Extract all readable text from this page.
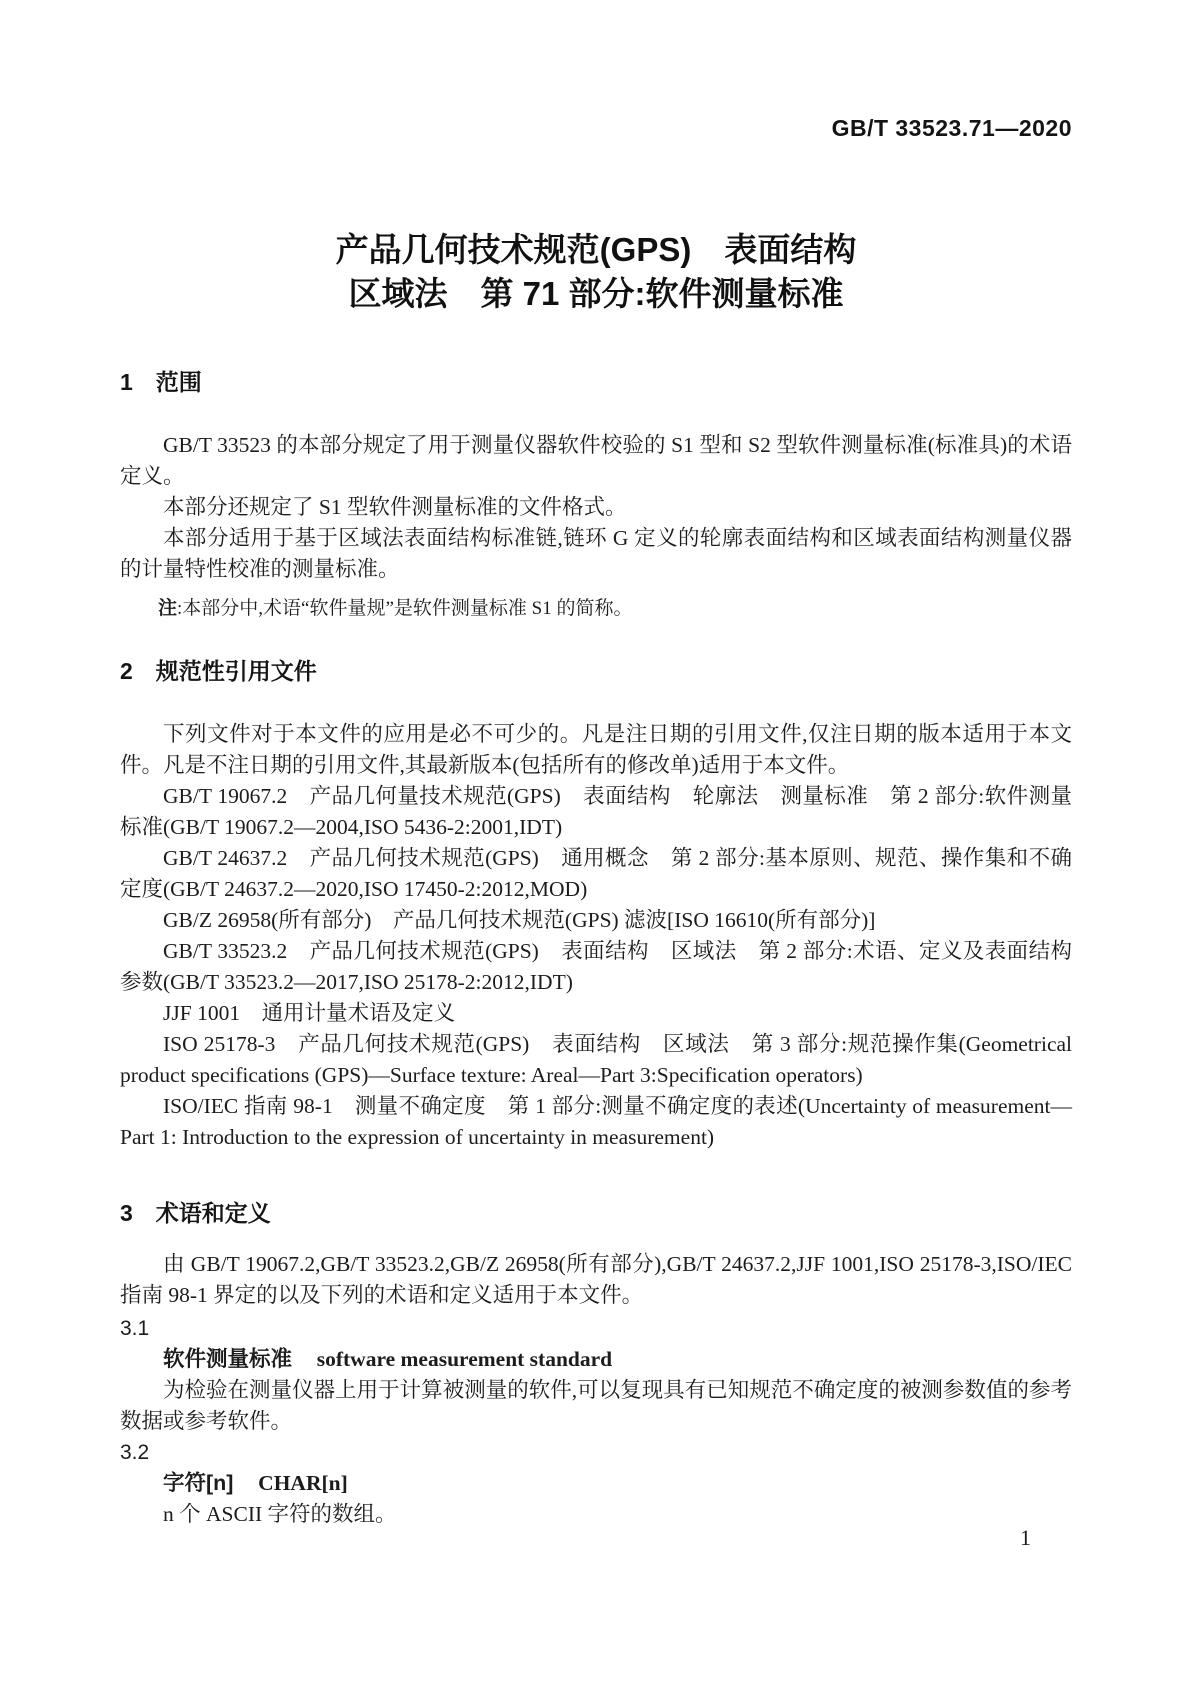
GB/T 33523.71—2020
产品几何技术规范(GPS)　表面结构
区域法　第 71 部分:软件测量标准
1　范围

GB/T 33523 的本部分规定了用于测量仪器软件校验的 S1 型和 S2 型软件测量标准(标准具)的术语定义。

本部分还规定了 S1 型软件测量标准的文件格式。

本部分适用于基于区域法表面结构标准链,链环 G 定义的轮廓表面结构和区域表面结构测量仪器的计量特性校准的测量标准。

注:本部分中,术语“软件量规”是软件测量标准 S1 的简称。

2　规范性引用文件

下列文件对于本文件的应用是必不可少的。凡是注日期的引用文件,仅注日期的版本适用于本文件。凡是不注日期的引用文件,其最新版本(包括所有的修改单)适用于本文件。

GB/T 19067.2　产品几何量技术规范(GPS)　表面结构　轮廓法　测量标准　第 2 部分:软件测量标准(GB/T 19067.2—2004,ISO 5436-2:2001,IDT)

GB/T 24637.2　产品几何技术规范(GPS)　通用概念　第 2 部分:基本原则、规范、操作集和不确定度(GB/T 24637.2—2020,ISO 17450-2:2012,MOD)

GB/Z 26958(所有部分)　产品几何技术规范(GPS) 滤波[ISO 16610(所有部分)]

GB/T 33523.2　产品几何技术规范(GPS)　表面结构　区域法　第 2 部分:术语、定义及表面结构参数(GB/T 33523.2—2017,ISO 25178-2:2012,IDT)

JJF 1001　通用计量术语及定义

ISO 25178-3　产品几何技术规范(GPS)　表面结构　区域法　第 3 部分:规范操作集(Geometrical product specifications (GPS)—Surface texture: Areal—Part 3:Specification operators)

ISO/IEC 指南 98-1　测量不确定度　第 1 部分:测量不确定度的表述(Uncertainty of measurement—Part 1: Introduction to the expression of uncertainty in measurement)

3　术语和定义

由 GB/T 19067.2,GB/T 33523.2,GB/Z 26958(所有部分),GB/T 24637.2,JJF 1001,ISO 25178-3,ISO/IEC 指南 98-1 界定的以及下列的术语和定义适用于本文件。

3.1

软件测量标准 software measurement standard

为检验在测量仪器上用于计算被测量的软件,可以复现具有已知规范不确定度的被测参数值的参考数据或参考软件。

3.2

字符[n] CHAR[n]

n 个 ASCII 字符的数组。

1
